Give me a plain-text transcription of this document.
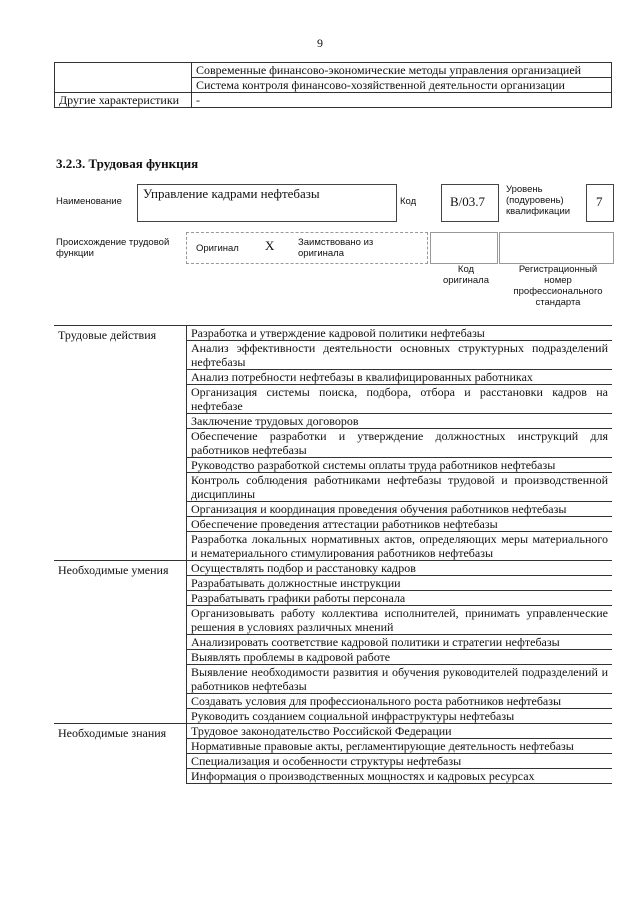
9

	Современные финансово-экономические методы управления организацией

	Система контроля финансово-хозяйственной деятельности организации
Другие характеристики	-
3.2.3. Трудовая функция
Наименование
Управление кадрами нефтебазы
Код	B/03.7
Уровень (подуровень) квалификации
7
Происхождение трудовой функции	Оригинал X Заимствовано из оригинала
Код оригинала
Регистрационный номер профессионального стандарта
Трудовые действия	Разработка и утверждение кадровой политики нефтебазы
	Анализ эффективности деятельности основных структурных подразделений нефтебазы
	Анализ потребности нефтебазы в квалифицированных работниках
	Организация системы поиска, подбора, отбора и расстановки кадров на нефтебазе
	Заключение трудовых договоров
	Обеспечение разработки и утверждение должностных инструкций для работников нефтебазы
	Руководство разработкой системы оплаты труда работников нефтебазы
	Контроль соблюдения работниками нефтебазы трудовой и производственной дисциплины
	Организация и координация проведения обучения работников нефтебазы
	Обеспечение проведения аттестации работников нефтебазы
	Разработка локальных нормативных актов, определяющих меры материального и нематериального стимулирования работников нефтебазы
Необходимые умения	Осуществлять подбор и расстановку кадров
	Разрабатывать должностные инструкции
	Разрабатывать графики работы персонала
	Организовывать работу коллектива исполнителей, принимать управленческие решения в условиях различных мнений
	Анализировать соответствие кадровой политики и стратегии нефтебазы
	Выявлять проблемы в кадровой работе
	Выявление необходимости развития и обучения руководителей подразделений и работников нефтебазы
	Создавать условия для профессионального роста работников нефтебазы
	Руководить созданием социальной инфраструктуры нефтебазы
Необходимые знания	Трудовое законодательство Российской Федерации
	Нормативные правовые акты, регламентирующие деятельность нефтебазы
	Специализация и особенности структуры нефтебазы
	Информация о производственных мощностях и кадровых ресурсах
